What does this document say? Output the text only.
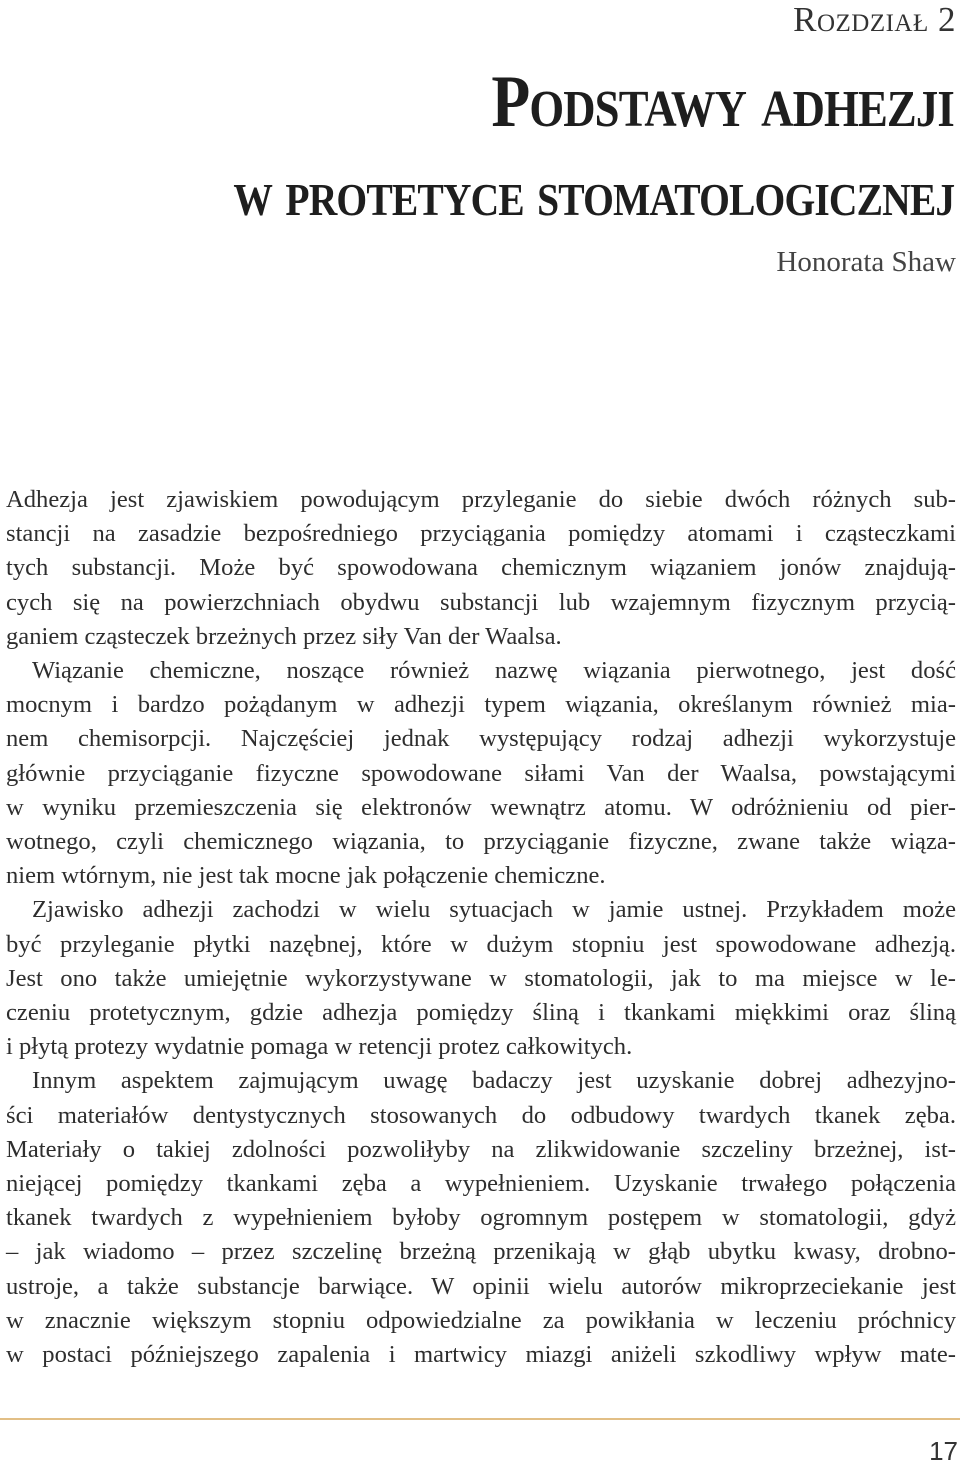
Rozdział 2
Podstawy adhezji
w protetyce stomatologicznej
Honorata Shaw

Adhezja jest zjawiskiem powodującym przyleganie do siebie dwóch różnych sub-

stancji na zasadzie bezpośredniego przyciągania pomiędzy atomami i cząsteczkami

tych substancji. Może być spowodowana chemicznym wiązaniem jonów znajdują-

cych się na powierzchniach obydwu substancji lub wzajemnym fizycznym przycią-

ganiem cząsteczek brzeżnych przez siły Van der Waalsa.

Wiązanie chemiczne, noszące również nazwę wiązania pierwotnego, jest dość

mocnym i bardzo pożądanym w adhezji typem wiązania, określanym również mia-

nem chemisorpcji. Najczęściej jednak występujący rodzaj adhezji wykorzystuje

głównie przyciąganie fizyczne spowodowane siłami Van der Waalsa, powstającymi

w wyniku przemieszczenia się elektronów wewnątrz atomu. W odróżnieniu od pier-

wotnego, czyli chemicznego wiązania, to przyciąganie fizyczne, zwane także wiąza-

niem wtórnym, nie jest tak mocne jak połączenie chemiczne.

Zjawisko adhezji zachodzi w wielu sytuacjach w jamie ustnej. Przykładem może

być przyleganie płytki nazębnej, które w dużym stopniu jest spowodowane adhezją.

Jest ono także umiejętnie wykorzystywane w stomatologii, jak to ma miejsce w le-

czeniu protetycznym, gdzie adhezja pomiędzy śliną i tkankami miękkimi oraz śliną

i płytą protezy wydatnie pomaga w retencji protez całkowitych.

Innym aspektem zajmującym uwagę badaczy jest uzyskanie dobrej adhezyjno-

ści materiałów dentystycznych stosowanych do odbudowy twardych tkanek zęba.

Materiały o takiej zdolności pozwoliłyby na zlikwidowanie szczeliny brzeżnej, ist-

niejącej pomiędzy tkankami zęba a wypełnieniem. Uzyskanie trwałego połączenia

tkanek twardych z wypełnieniem byłoby ogromnym postępem w stomatologii, gdyż

– jak wiadomo – przez szczelinę brzeżną przenikają w głąb ubytku kwasy, drobno-

ustroje, a także substancje barwiące. W opinii wielu autorów mikroprzeciekanie jest

w znacznie większym stopniu odpowiedzialne za powikłania w leczeniu próchnicy

w postaci późniejszego zapalenia i martwicy miazgi aniżeli szkodliwy wpływ mate-

17
